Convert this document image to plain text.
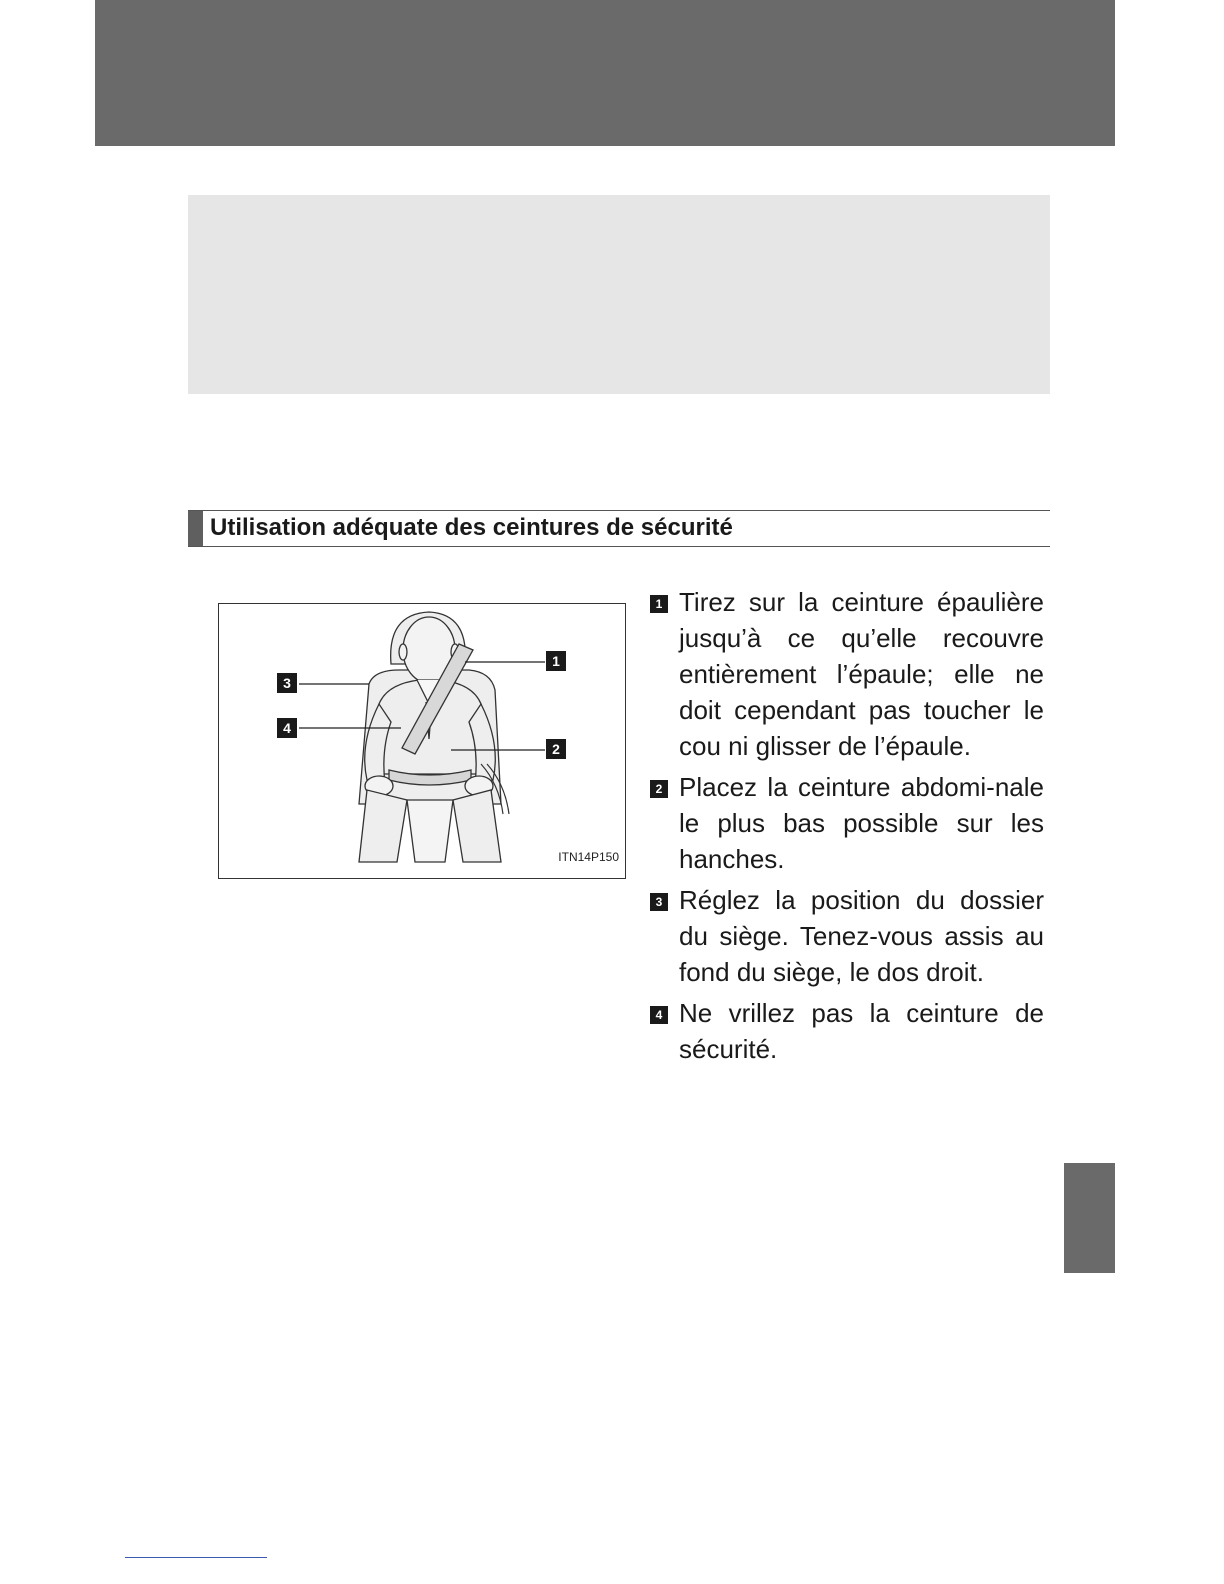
Utilisation adéquate des ceintures de sécurité
1
2
3
4
ITN14P150
1 Tirez sur la ceinture épaulière jusqu’à ce qu’elle recouvre entièrement l’épaule; elle ne doit cependant pas toucher le cou ni glisser de l’épaule.
2 Placez la ceinture abdomi-nale le plus bas possible sur les hanches.
3 Réglez la position du dossier du siège. Tenez-vous assis au fond du siège, le dos droit.
4 Ne vrillez pas la ceinture de sécurité.
